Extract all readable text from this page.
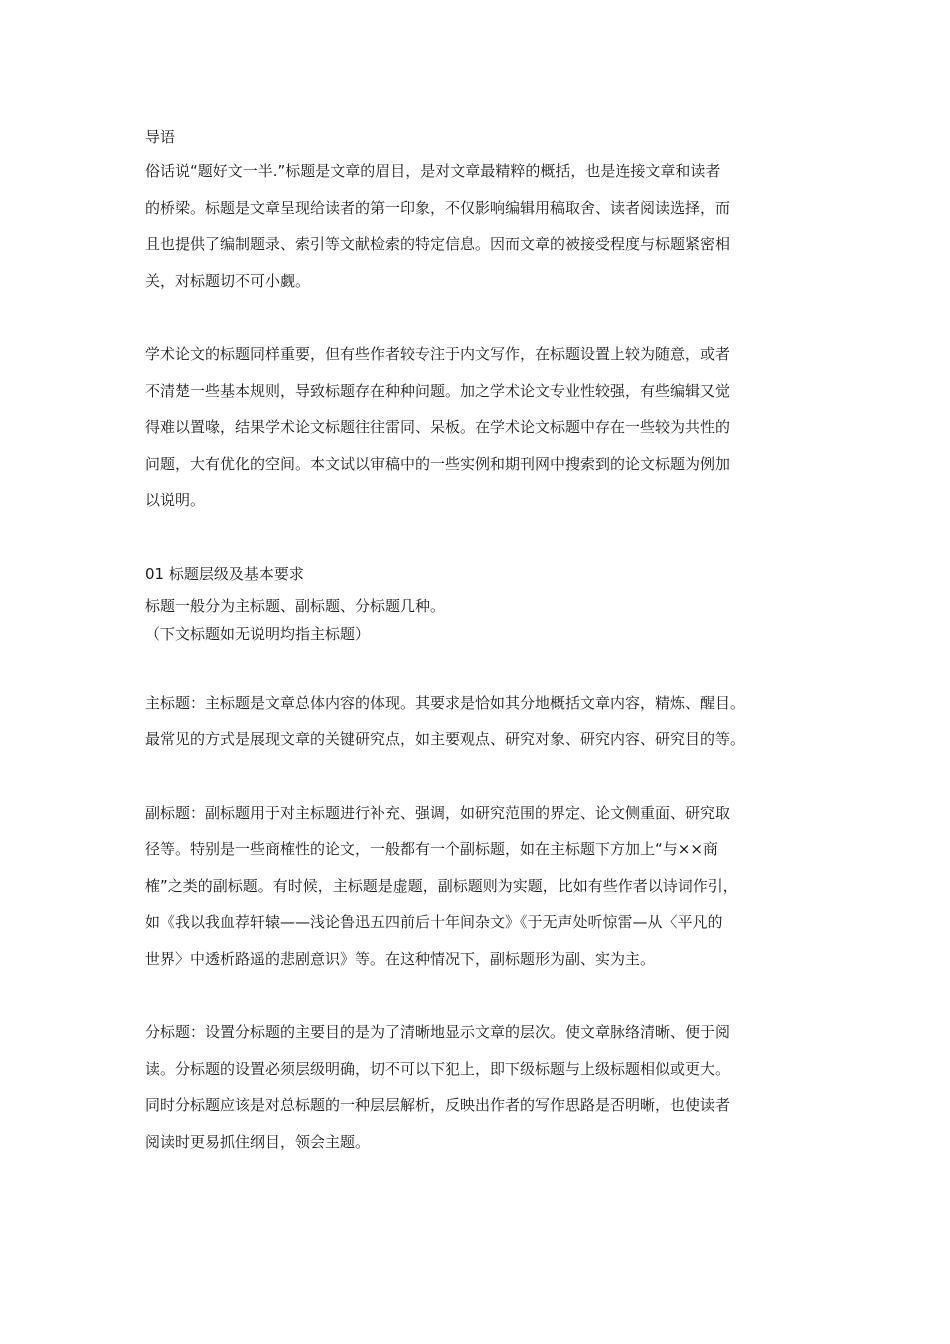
导语
俗话说“题好文一半.”标题是文章的眉目，是对文章最精粹的概括，也是连接文章和读者
的桥梁。标题是文章呈现给读者的第一印象，不仅影响编辑用稿取舍、读者阅读选择，而
且也提供了编制题录、索引等文献检索的特定信息。因而文章的被接受程度与标题紧密相
关，对标题切不可小觑。
学术论文的标题同样重要，但有些作者较专注于内文写作，在标题设置上较为随意，或者
不清楚一些基本规则，导致标题存在种种问题。加之学术论文专业性较强，有些编辑又觉
得难以置喙，结果学术论文标题往往雷同、呆板。在学术论文标题中存在一些较为共性的
问题，大有优化的空间。本文试以审稿中的一些实例和期刊网中搜索到的论文标题为例加
以说明。
01 标题层级及基本要求
标题一般分为主标题、副标题、分标题几种。
（下文标题如无说明均指主标题）
主标题：主标题是文章总体内容的体现。其要求是恰如其分地概括文章内容，精炼、醒目。
最常见的方式是展现文章的关键研究点，如主要观点、研究对象、研究内容、研究目的等。
副标题：副标题用于对主标题进行补充、强调，如研究范围的界定、论文侧重面、研究取
径等。特别是一些商榷性的论文，一般都有一个副标题，如在主标题下方加上“与××商
榷”之类的副标题。有时候，主标题是虚题，副标题则为实题，比如有些作者以诗词作引，
如《我以我血荐轩辕——浅论鲁迅五四前后十年间杂文》《于无声处听惊雷—从〈平凡的
世界〉中透析路遥的悲剧意识》等。在这种情况下，副标题形为副、实为主。
分标题：设置分标题的主要目的是为了清晰地显示文章的层次。使文章脉络清晰、便于阅
读。分标题的设置必须层级明确，切不可以下犯上，即下级标题与上级标题相似或更大。
同时分标题应该是对总标题的一种层层解析，反映出作者的写作思路是否明晰，也使读者
阅读时更易抓住纲目，领会主题。
